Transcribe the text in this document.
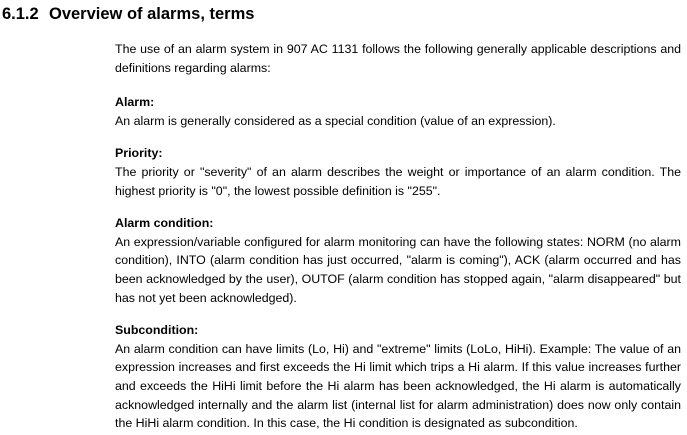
6.1.2 Overview of alarms, terms

The use of an alarm system in 907 AC 1131 follows the following generally applicable descriptions and definitions regarding alarms:

Alarm:

An alarm is generally considered as a special condition (value of an expression).

Priority:

The priority or "severity" of an alarm describes the weight or importance of an alarm condition. The highest priority is "0", the lowest possible definition is "255".

Alarm condition:

An expression/variable configured for alarm monitoring can have the following states: NORM (no alarm condition), INTO (alarm condition has just occurred, "alarm is coming"), ACK (alarm occurred and has been acknowledged by the user), OUTOF (alarm condition has stopped again, "alarm disappeared" but has not yet been acknowledged).

Subcondition:

An alarm condition can have limits (Lo, Hi) and "extreme" limits (LoLo, HiHi). Example: The value of an expression increases and first exceeds the Hi limit which trips a Hi alarm. If this value increases further and exceeds the HiHi limit before the Hi alarm has been acknowledged, the Hi alarm is automatically acknowledged internally and the alarm list (internal list for alarm administration) does now only contain the HiHi alarm condition. In this case, the Hi condition is designated as subcondition.
